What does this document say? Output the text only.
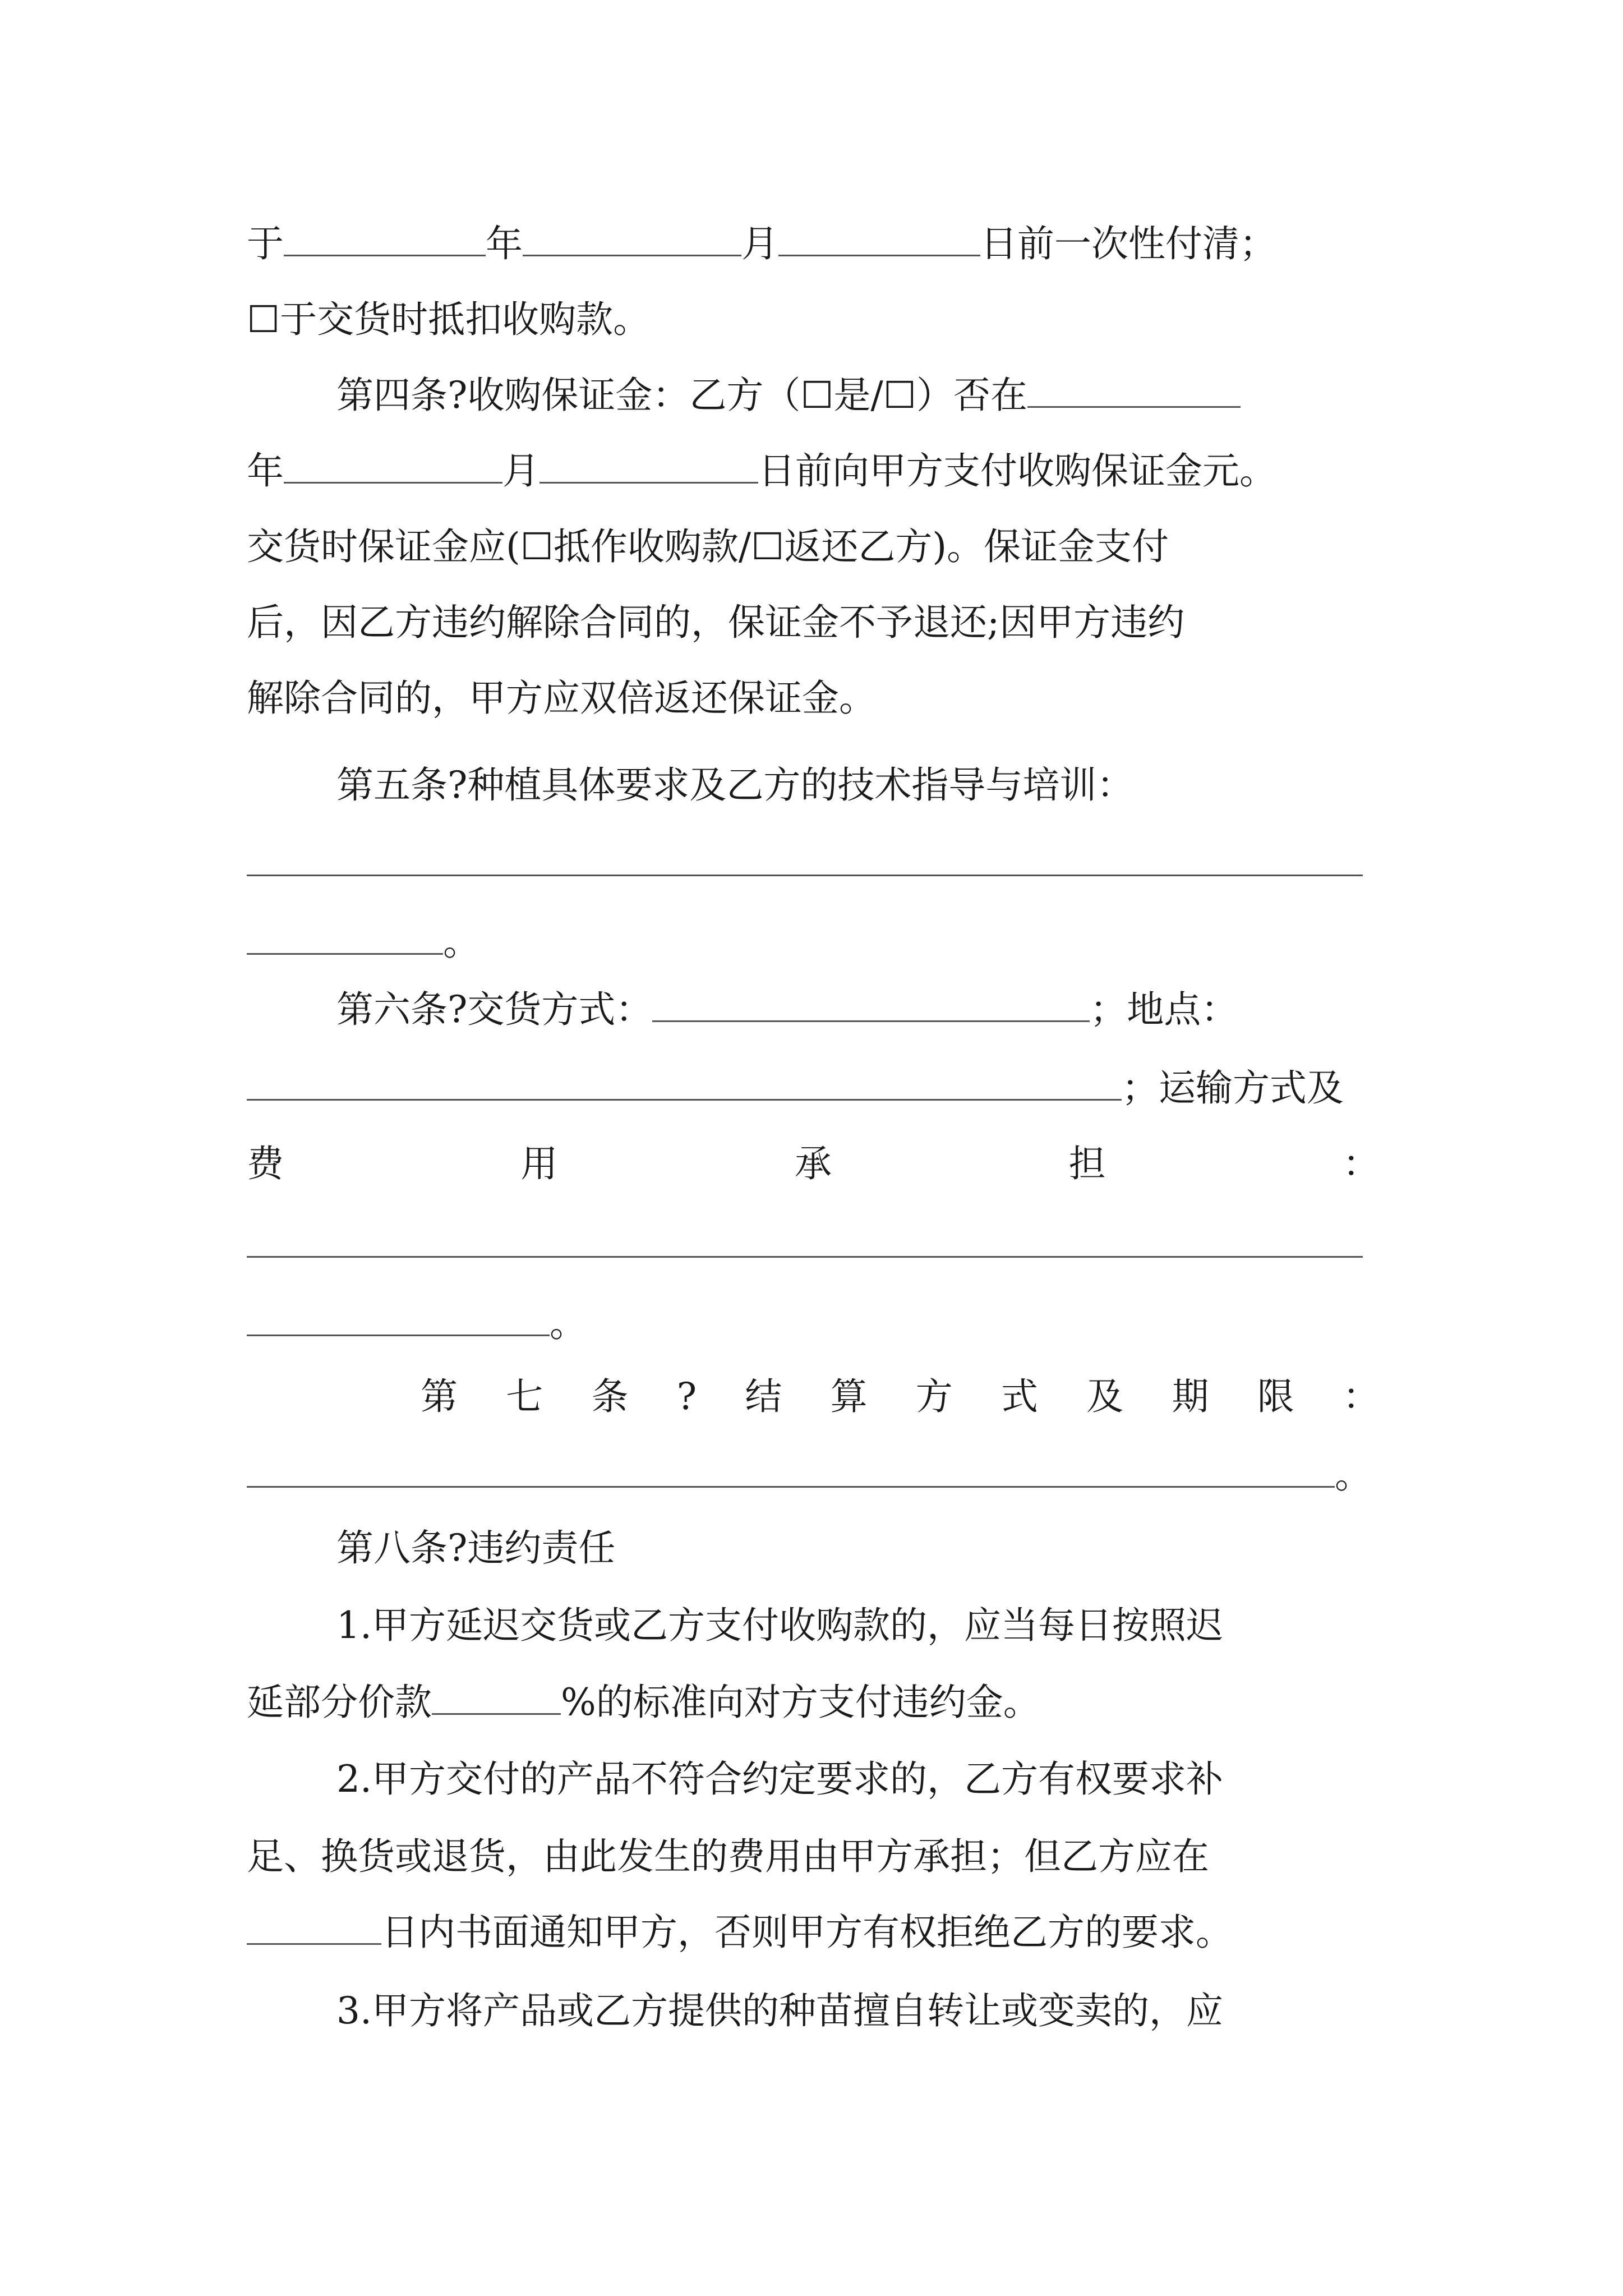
于	年	月	日前一次性付清；
☐于交货时抵扣收购款。
第四条?收购保证金：乙方（☐是/☐）否在
年	月	日前向甲方支付收购保证金元。
交货时保证金应(☐抵作收购款/☐返还乙方)。保证金支付
后，因乙方违约解除合同的，保证金不予退还;因甲方违约
解除合同的，甲方应双倍返还保证金。
第五条?种植具体要求及乙方的技术指导与培训：
。
第六条?交货方式：	；地点：
；运输方式及
费	用	承	担	：
。
第 七 条 ? 结 算 方 式 及 期 限 ：
。
第八条?违约责任
1.甲方延迟交货或乙方支付收购款的，应当每日按照迟
延部分价款	%的标准向对方支付违约金。
2.甲方交付的产品不符合约定要求的，乙方有权要求补
足、换货或退货，由此发生的费用由甲方承担；但乙方应在
日内书面通知甲方，否则甲方有权拒绝乙方的要求。
3.甲方将产品或乙方提供的种苗擅自转让或变卖的，应
